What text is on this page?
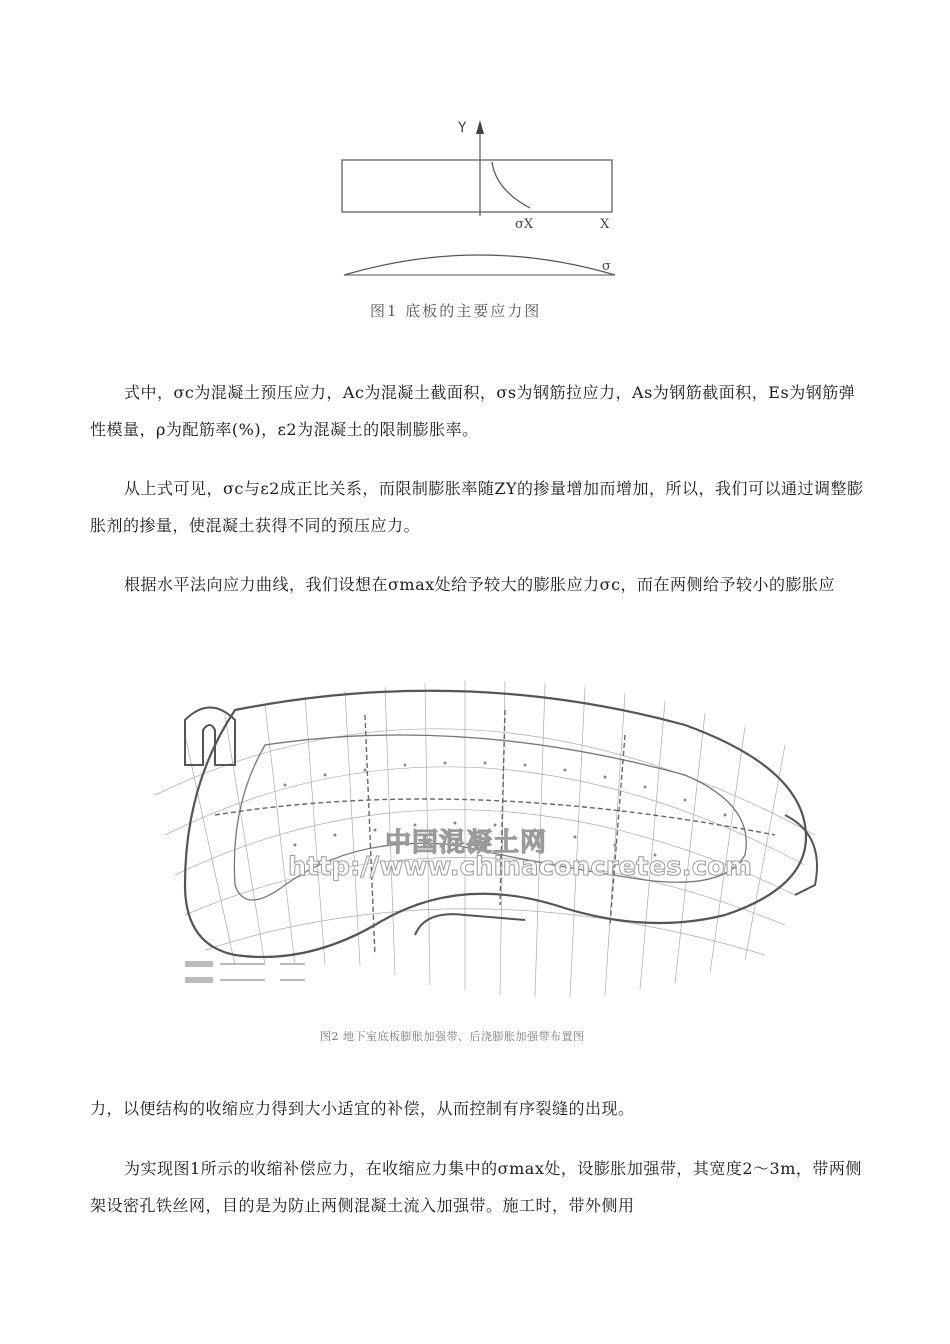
Y
σX	X
σ
图1 底板的主要应力图
式中，σc为混凝土预压应力，Ac为混凝土截面积，σs为钢筋拉应力，As为钢筋截面积，Es为钢筋弹性模量，ρ为配筋率(%)，ε2为混凝土的限制膨胀率。
从上式可见，σc与ε2成正比关系，而限制膨胀率随ZY的掺量增加而增加，所以，我们可以通过调整膨胀剂的掺量，使混凝土获得不同的预压应力。
根据水平法向应力曲线，我们设想在σmax处给予较大的膨胀应力σc，而在两侧给予较小的膨胀应
中国混凝土网
http://www.chinaconcretes.com
图2 地下室底板膨胀加强带、后浇膨胀加强带布置图
力，以便结构的收缩应力得到大小适宜的补偿，从而控制有序裂缝的出现。
为实现图1所示的收缩补偿应力，在收缩应力集中的σmax处，设膨胀加强带，其宽度2～3m，带两侧架设密孔铁丝网，目的是为防止两侧混凝土流入加强带。施工时，带外侧用
